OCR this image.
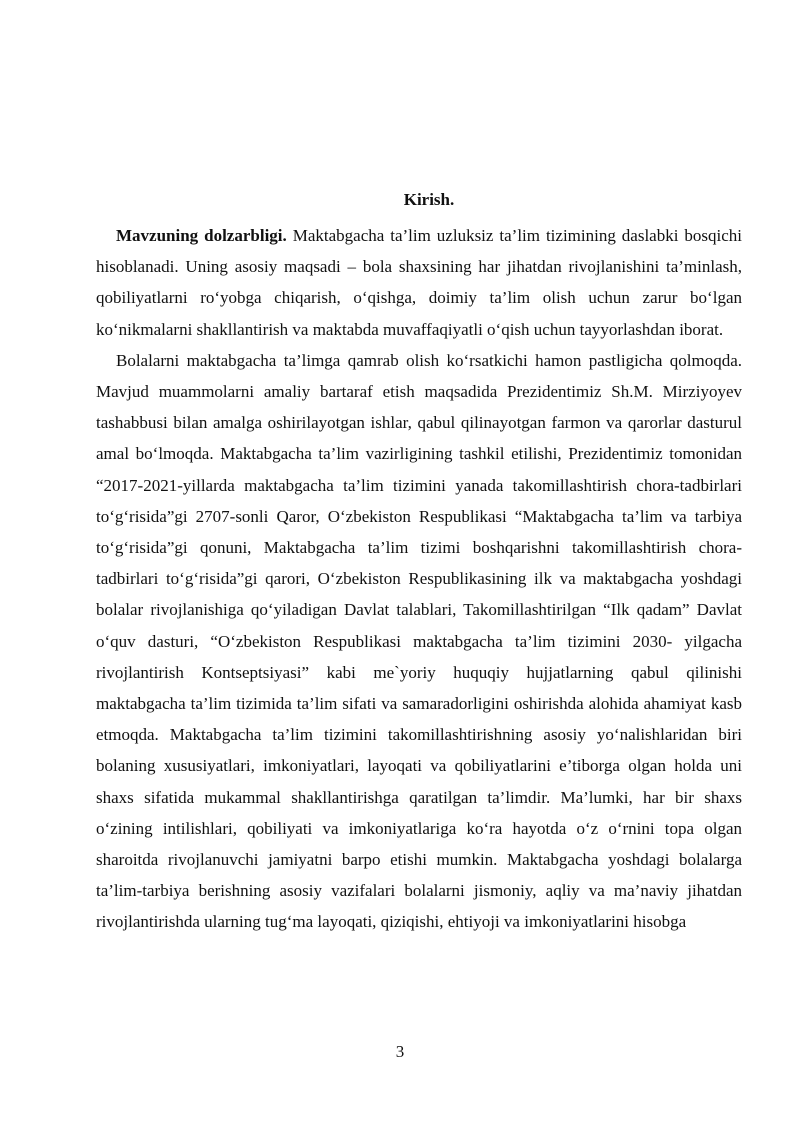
Kirish.

Mavzuning dolzarbligi. Maktabgacha ta’lim uzluksiz ta’lim tizimining daslabki bosqichi hisoblanadi. Uning asosiy maqsadi – bola shaxsining har jihatdan rivojlanishini ta’minlash, qobiliyatlarni ro‘yobga chiqarish, o‘qishga, doimiy ta’lim olish uchun zarur bo‘lgan ko‘nikmalarni shakllantirish va maktabda muvaffaqiyatli o‘qish uchun tayyorlashdan iborat.

Bolalarni maktabgacha ta’limga qamrab olish ko‘rsatkichi hamon pastligicha qolmoqda. Mavjud muammolarni amaliy bartaraf etish maqsadida Prezidentimiz Sh.M. Mirziyoyev tashabbusi bilan amalga oshirilayotgan ishlar, qabul qilinayotgan farmon va qarorlar dasturul amal bo‘lmoqda. Maktabgacha ta’lim vazirligining tashkil etilishi, Prezidentimiz tomonidan “2017-2021-yillarda maktabgacha ta’lim tizimini yanada takomillashtirish chora-tadbirlari to‘g‘risida”gi 2707-sonli Qaror, O‘zbekiston Respublikasi “Maktabgacha ta’lim va tarbiya to‘g‘risida”gi qonuni, Maktabgacha ta’lim tizimi boshqarishni takomillashtirish chora-tadbirlari to‘g‘risida”gi qarori, O‘zbekiston Respublikasining ilk va maktabgacha yoshdagi bolalar rivojlanishiga qo‘yiladigan Davlat talablari, Takomillashtirilgan “Ilk qadam” Davlat o‘quv dasturi, “O‘zbekiston Respublikasi maktabgacha ta’lim tizimini 2030- yilgacha rivojlantirish Kontseptsiyasi” kabi me`yoriy huquqiy hujjatlarning qabul qilinishi maktabgacha ta’lim tizimida ta’lim sifati va samaradorligini oshirishda alohida ahamiyat kasb etmoqda. Maktabgacha ta’lim tizimini takomillashtirishning asosiy yo‘nalishlaridan biri bolaning xususiyatlari, imkoniyatlari, layoqati va qobiliyatlarini e’tiborga olgan holda uni shaxs sifatida mukammal shakllantirishga qaratilgan ta’limdir. Ma’lumki, har bir shaxs o‘zining intilishlari, qobiliyati va imkoniyatlariga ko‘ra hayotda o‘z o‘rnini topa olgan sharoitda rivojlanuvchi jamiyatni barpo etishi mumkin. Maktabgacha yoshdagi bolalarga ta’lim-tarbiya berishning asosiy vazifalari bolalarni jismoniy, aqliy va ma’naviy jihatdan rivojlantirishda ularning tug‘ma layoqati, qiziqishi, ehtiyoji va imkoniyatlarini hisobga

3
